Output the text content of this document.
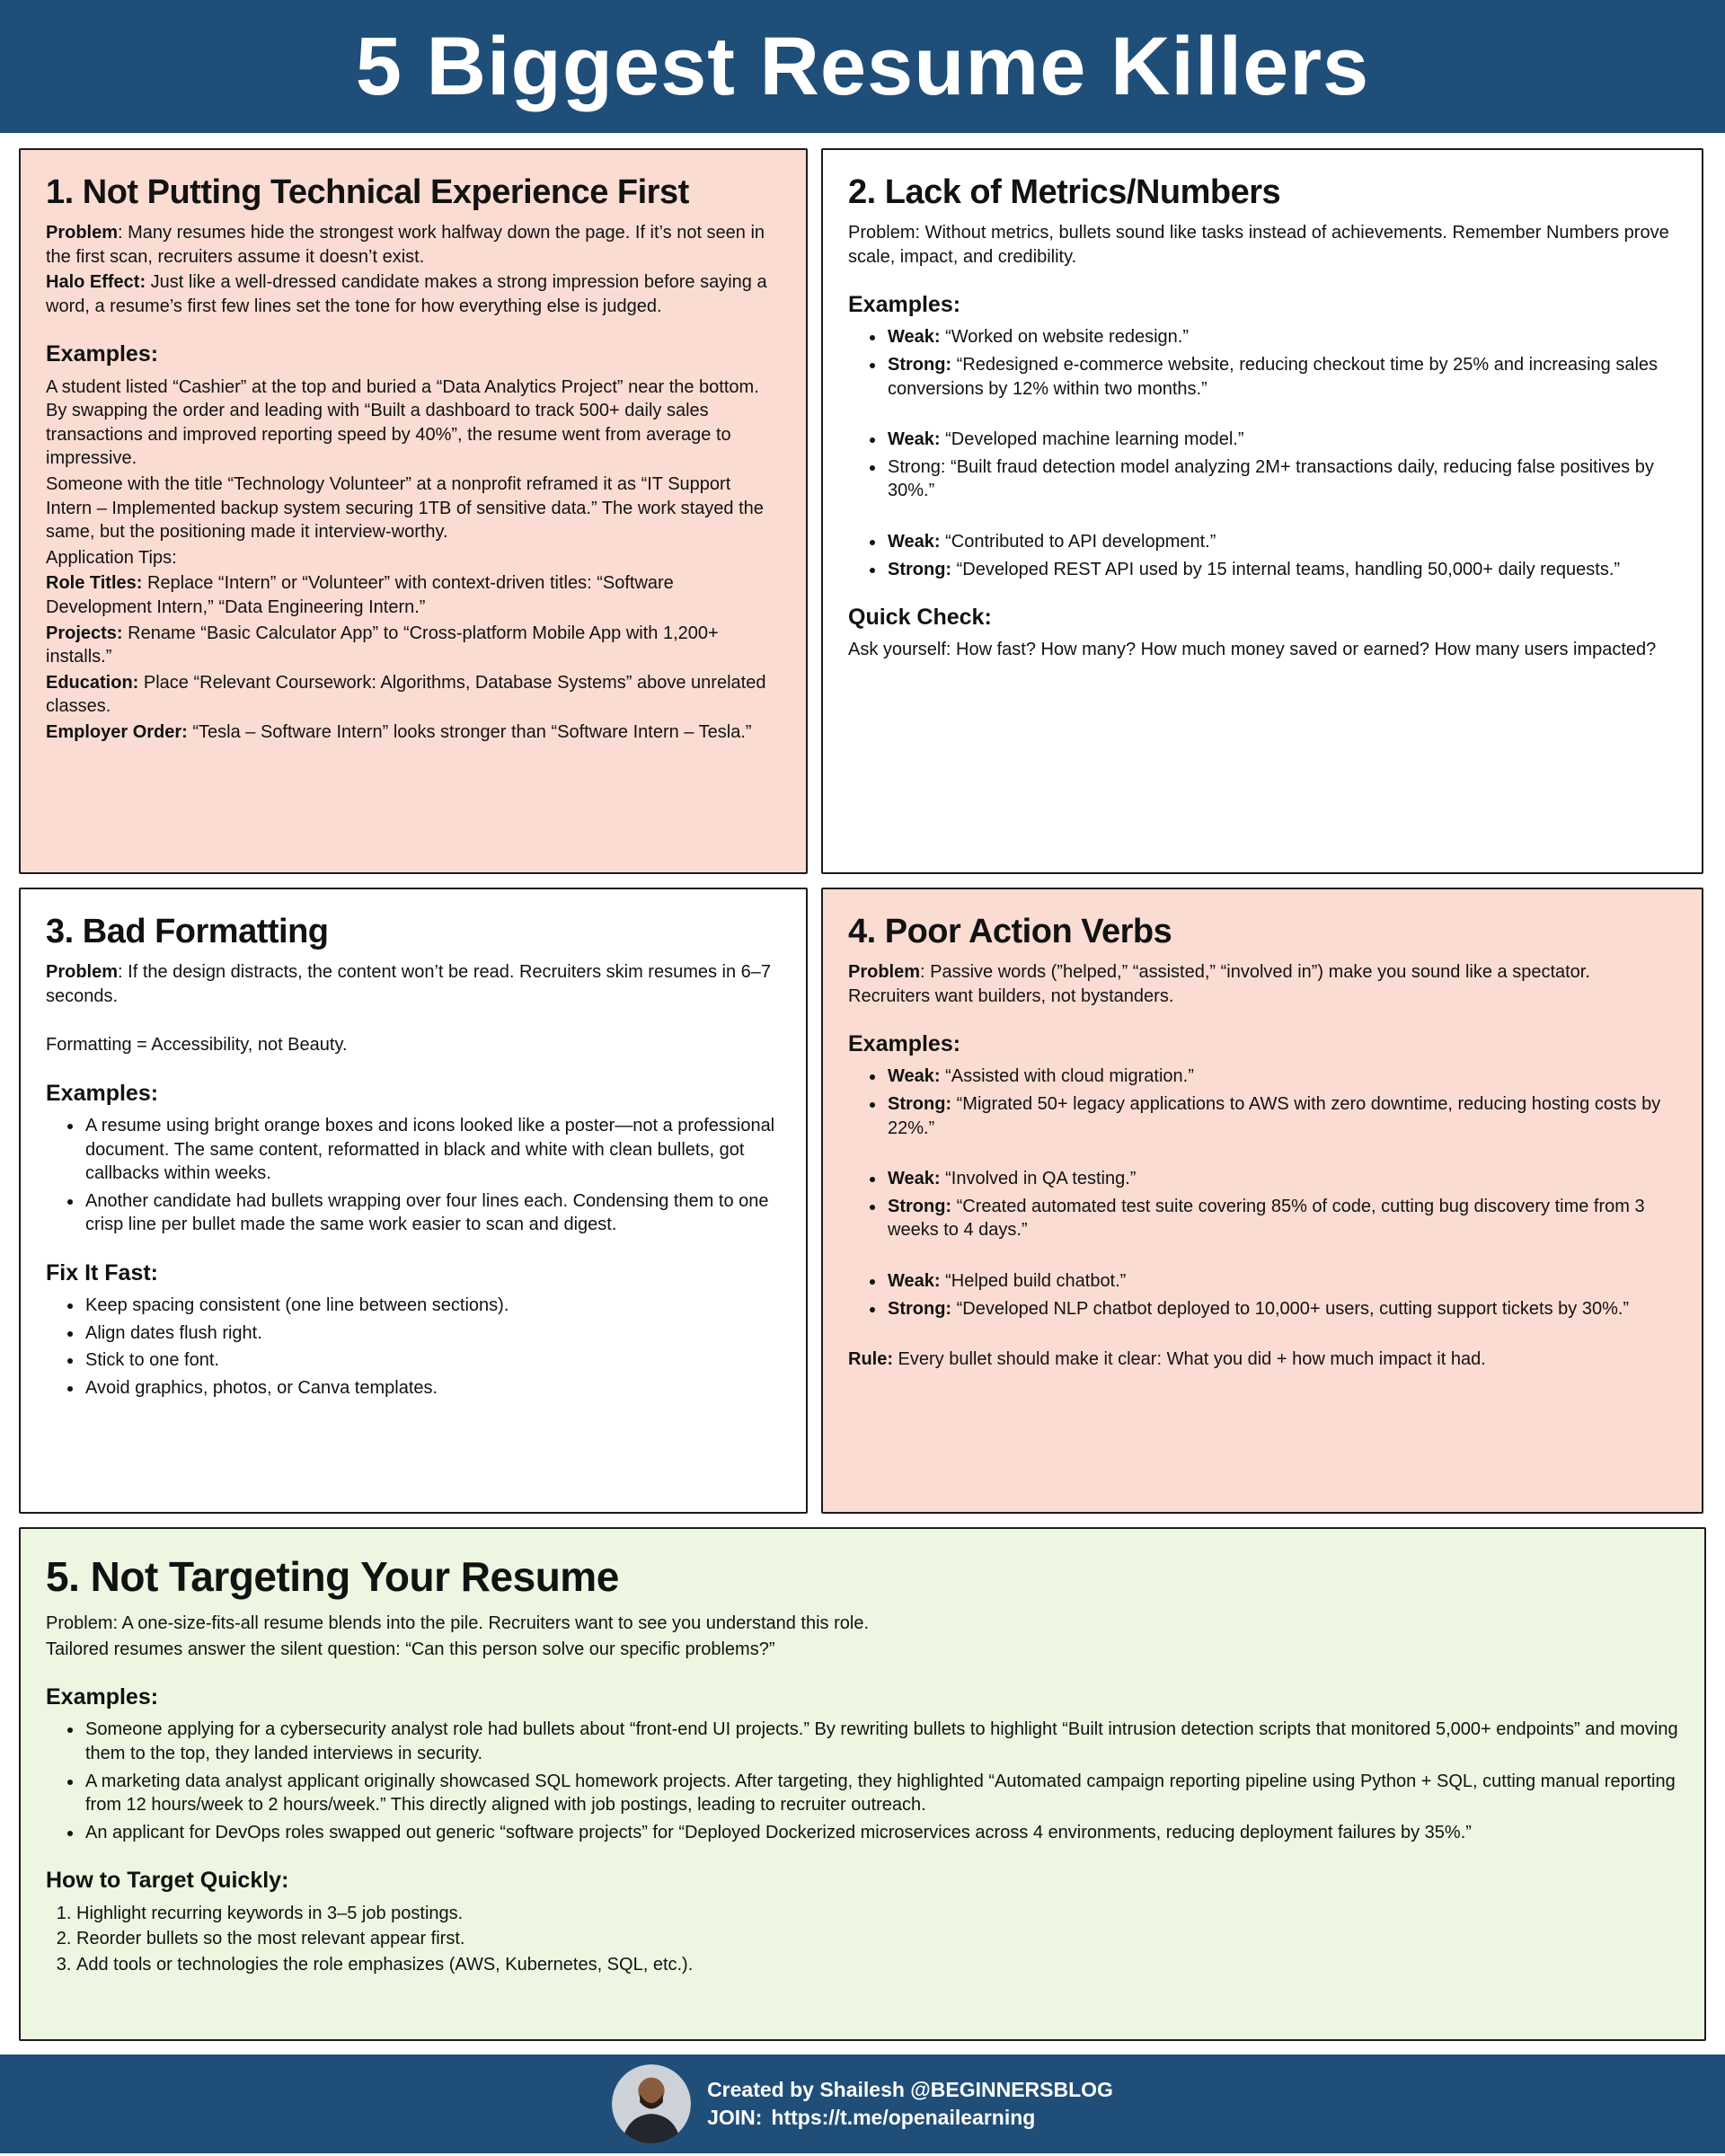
5 Biggest Resume Killers
1. Not Putting Technical Experience First

Problem: Many resumes hide the strongest work halfway down the page. If it’s not seen in the first scan, recruiters assume it doesn’t exist.

Halo Effect: Just like a well-dressed candidate makes a strong impression before saying a word, a resume’s first few lines set the tone for how everything else is judged.

Examples:

A student listed “Cashier” at the top and buried a “Data Analytics Project” near the bottom. By swapping the order and leading with “Built a dashboard to track 500+ daily sales transactions and improved reporting speed by 40%”, the resume went from average to impressive.

Someone with the title “Technology Volunteer” at a nonprofit reframed it as “IT Support Intern – Implemented backup system securing 1TB of sensitive data.” The work stayed the same, but the positioning made it interview-worthy.

Application Tips:

Role Titles: Replace “Intern” or “Volunteer” with context-driven titles: “Software Development Intern,” “Data Engineering Intern.”

Projects: Rename “Basic Calculator App” to “Cross-platform Mobile App with 1,200+ installs.”

Education: Place “Relevant Coursework: Algorithms, Database Systems” above unrelated classes.

Employer Order: “Tesla – Software Intern” looks stronger than “Software Intern – Tesla.”

2. Lack of Metrics/Numbers

Problem: Without metrics, bullets sound like tasks instead of achievements. Remember Numbers prove scale, impact, and credibility.

Examples:
• Weak: “Worked on website redesign.”
• Strong: “Redesigned e-commerce website, reducing checkout time by 25% and increasing sales conversions by 12% within two months.”
• Weak: “Developed machine learning model.”
• Strong: “Built fraud detection model analyzing 2M+ transactions daily, reducing false positives by 30%.”
• Weak: “Contributed to API development.”
• Strong: “Developed REST API used by 15 internal teams, handling 50,000+ daily requests.”
Quick Check:

Ask yourself: How fast? How many? How much money saved or earned? How many users impacted?

3. Bad Formatting

Problem: If the design distracts, the content won’t be read. Recruiters skim resumes in 6–7 seconds.

Formatting = Accessibility, not Beauty.

Examples:
• A resume using bright orange boxes and icons looked like a poster—not a professional document. The same content, reformatted in black and white with clean bullets, got callbacks within weeks.
• Another candidate had bullets wrapping over four lines each. Condensing them to one crisp line per bullet made the same work easier to scan and digest.
Fix It Fast:
• Keep spacing consistent (one line between sections).
• Align dates flush right.
• Stick to one font.
• Avoid graphics, photos, or Canva templates.
4. Poor Action Verbs

Problem: Passive words (”helped,” “assisted,” “involved in”) make you sound like a spectator. Recruiters want builders, not bystanders.

Examples:
• Weak: “Assisted with cloud migration.”
• Strong: “Migrated 50+ legacy applications to AWS with zero downtime, reducing hosting costs by 22%.”
• Weak: “Involved in QA testing.”
• Strong: “Created automated test suite covering 85% of code, cutting bug discovery time from 3 weeks to 4 days.”
• Weak: “Helped build chatbot.”
• Strong: “Developed NLP chatbot deployed to 10,000+ users, cutting support tickets by 30%.”

Rule: Every bullet should make it clear: What you did + how much impact it had.

5. Not Targeting Your Resume

Problem: A one-size-fits-all resume blends into the pile. Recruiters want to see you understand this role.

Tailored resumes answer the silent question: “Can this person solve our specific problems?”

Examples:
• Someone applying for a cybersecurity analyst role had bullets about “front-end UI projects.” By rewriting bullets to highlight “Built intrusion detection scripts that monitored 5,000+ endpoints” and moving them to the top, they landed interviews in security.
• A marketing data analyst applicant originally showcased SQL homework projects. After targeting, they highlighted “Automated campaign reporting pipeline using Python + SQL, cutting manual reporting from 12 hours/week to 2 hours/week.” This directly aligned with job postings, leading to recruiter outreach.
• An applicant for DevOps roles swapped out generic “software projects” for “Deployed Dockerized microservices across 4 environments, reducing deployment failures by 35%.”
How to Target Quickly:
1. Highlight recurring keywords in 3–5 job postings.
2. Reorder bullets so the most relevant appear first.
3. Add tools or technologies the role emphasizes (AWS, Kubernetes, SQL, etc.).
Created by Shailesh @BEGINNERSBLOG
JOIN: https://t.me/openailearning
